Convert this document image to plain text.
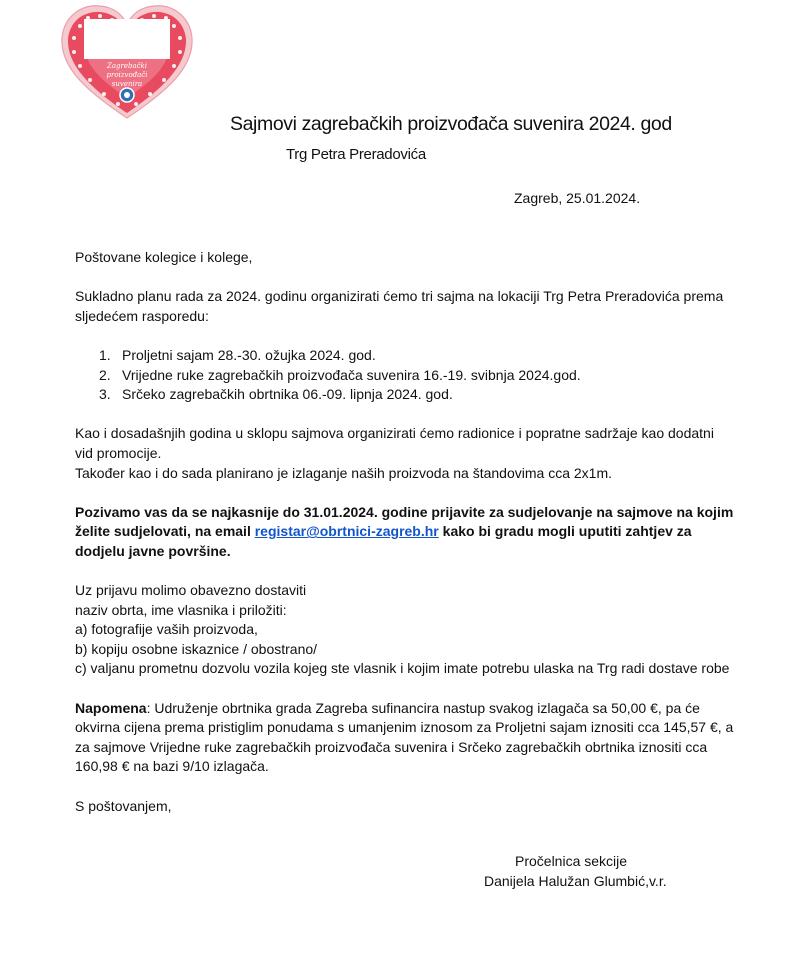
Zagrebački proizvođači
suvenira
Sajmovi zagrebačkih proizvođača suvenira 2024. god
Trg Petra Preradovića
Zagreb, 25.01.2024.

Poštovane kolegice i kolege,

Sukladno planu rada za 2024. godinu organizirati ćemo tri sajma na lokaciji Trg Petra Preradovića prema sljedećem rasporedu:

1. Proljetni sajam 28.-30. ožujka 2024. god.
2. Vrijedne ruke zagrebačkih proizvođača suvenira 16.-19. svibnja 2024.god.
3. Srčeko zagrebačkih obrtnika 06.-09. lipnja 2024. god.

Kao i dosadašnjih godina u sklopu sajmova organizirati ćemo radionice i popratne sadržaje kao dodatni vid promocije.

Također kao i do sada planirano je izlaganje naših proizvoda na štandovima cca 2x1m.

Pozivamo vas da se najkasnije do 31.01.2024. godine prijavite za sudjelovanje na sajmove na kojim želite sudjelovati, na email registar@obrtnici-zagreb.hr kako bi gradu mogli uputiti zahtjev za dodjelu javne površine.

Uz prijavu molimo obavezno dostaviti

naziv obrta, ime vlasnika i priložiti:

a) fotografije vaših proizvoda,

b) kopiju osobne iskaznice / obostrano/

c) valjanu prometnu dozvolu vozila kojeg ste vlasnik i kojim imate potrebu ulaska na Trg radi dostave robe

Napomena: Udruženje obrtnika grada Zagreba sufinancira nastup svakog izlagača sa 50,00 €, pa će okvirna cijena prema pristiglim ponudama s umanjenim iznosom za Proljetni sajam iznositi cca 145,57 €, a za sajmove Vrijedne ruke zagrebačkih proizvođača suvenira i Srčeko zagrebačkih obrtnika iznositi cca 160,98 € na bazi 9/10 izlagača.

S poštovanjem,

Pročelnica sekcije
Danijela Halužan Glumbić,v.r.
